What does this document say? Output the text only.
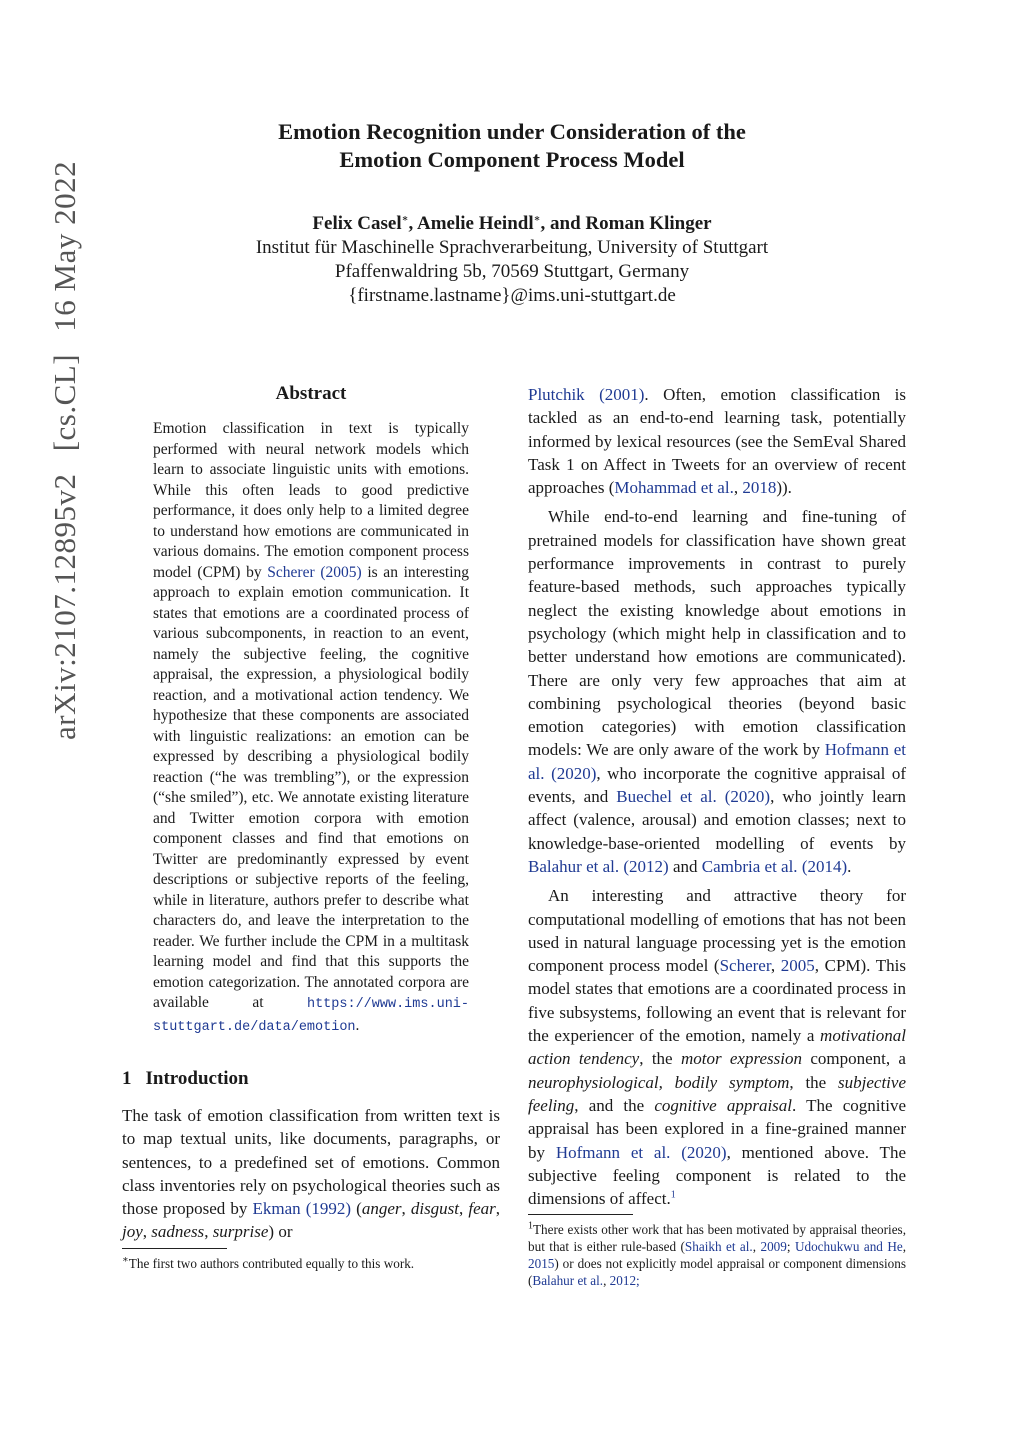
arXiv:2107.12895v2 [cs.CL] 16 May 2022
Emotion Recognition under Consideration of the
Emotion Component Process Model
Felix Casel∗, Amelie Heindl∗, and Roman Klinger
Institut für Maschinelle Sprachverarbeitung, University of Stuttgart
Pfaffenwaldring 5b, 70569 Stuttgart, Germany
{firstname.lastname}@ims.uni-stuttgart.de
Abstract

Emotion classification in text is typically performed with neural network models which learn to associate linguistic units with emotions. While this often leads to good predictive performance, it does only help to a limited degree to understand how emotions are communicated in various domains. The emotion component process model (CPM) by Scherer (2005) is an interesting approach to explain emotion communication. It states that emotions are a coordinated process of various subcomponents, in reaction to an event, namely the subjective feeling, the cognitive appraisal, the expression, a physiological bodily reaction, and a motivational action tendency. We hypothesize that these components are associated with linguistic realizations: an emotion can be expressed by describing a physiological bodily reaction (“he was trembling”), or the expression (“she smiled”), etc. We annotate existing literature and Twitter emotion corpora with emotion component classes and find that emotions on Twitter are predominantly expressed by event descriptions or subjective reports of the feeling, while in literature, authors prefer to describe what characters do, and leave the interpretation to the reader. We further include the CPM in a multitask learning model and find that this supports the emotion categorization. The annotated corpora are available at	https://www.ims.uni-stuttgart.de/data/emotion.

1 Introduction

The task of emotion classification from written text is to map textual units, like documents, paragraphs, or sentences, to a predefined set of emotions. Common class inventories rely on psychological theories such as those proposed by Ekman (1992) (anger, disgust, fear, joy, sadness, surprise) or

∗The first two authors contributed equally to this work.

Plutchik (2001). Often, emotion classification is tackled as an end-to-end learning task, potentially informed by lexical resources (see the SemEval Shared Task 1 on Affect in Tweets for an overview of recent approaches (Mohammad et al., 2018)).

While end-to-end learning and fine-tuning of pretrained models for classification have shown great performance improvements in contrast to purely feature-based methods, such approaches typically neglect the existing knowledge about emotions in psychology (which might help in classification and to better understand how emotions are communicated). There are only very few approaches that aim at combining psychological theories (beyond basic emotion categories) with emotion classification models: We are only aware of the work by Hofmann et al. (2020), who incorporate the cognitive appraisal of events, and Buechel et al. (2020), who jointly learn affect (valence, arousal) and emotion classes; next to knowledge-base-oriented modelling of events by Balahur et al. (2012) and Cambria et al. (2014).

An interesting and attractive theory for computational modelling of emotions that has not been used in natural language processing yet is the emotion component process model (Scherer, 2005, CPM). This model states that emotions are a coordinated process in five subsystems, following an event that is relevant for the experiencer of the emotion, namely a motivational action tendency, the motor expression component, a neurophysiological, bodily symptom, the subjective feeling, and the cognitive appraisal. The cognitive appraisal has been explored in a fine-grained manner by Hofmann et al. (2020), mentioned above. The subjective feeling component is related to the dimensions of affect.$^1$

$^1$There exists other work that has been motivated by appraisal theories, but that is either rule-based (Shaikh et al., 2009; Udochukwu and He, 2015) or does not explicitly model appraisal or component dimensions (Balahur et al., 2012;
